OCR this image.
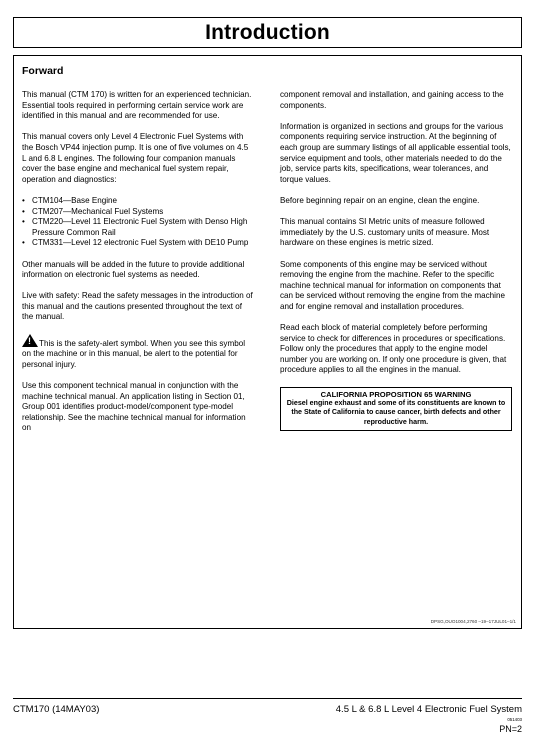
Introduction
Forward

This manual (CTM 170) is written for an experienced technician. Essential tools required in performing certain service work are identified in this manual and are recommended for use.

This manual covers only Level 4 Electronic Fuel Systems with the Bosch VP44 injection pump. It is one of five volumes on 4.5 L and 6.8 L engines. The following four companion manuals cover the base engine and mechanical fuel system repair, operation and diagnostics:

• CTM104—Base Engine
• CTM207—Mechanical Fuel Systems
• CTM220—Level 11 Electronic Fuel System with Denso High Pressure Common Rail
• CTM331—Level 12 electronic Fuel System with DE10 Pump

Other manuals will be added in the future to provide additional information on electronic fuel systems as needed.

Live with safety: Read the safety messages in the introduction of this manual and the cautions presented throughout the text of the manual.

!This is the safety-alert symbol. When you see this symbol on the machine or in this manual, be alert to the potential for personal injury.

Use this component technical manual in conjunction with the machine technical manual. An application listing in Section 01, Group 001 identifies product-model/component type-model relationship. See the machine technical manual for information on

component removal and installation, and gaining access to the components.

Information is organized in sections and groups for the various components requiring service instruction. At the beginning of each group are summary listings of all applicable essential tools, service equipment and tools, other materials needed to do the job, service parts kits, specifications, wear tolerances, and torque values.

Before beginning repair on an engine, clean the engine.

This manual contains SI Metric units of measure followed immediately by the U.S. customary units of measure. Most hardware on these engines is metric sized.

Some components of this engine may be serviced without removing the engine from the machine. Refer to the specific machine technical manual for information on components that can be serviced without removing the engine from the machine and for engine removal and installation procedures.

Read each block of material completely before performing service to check for differences in procedures or specifications. Follow only the procedures that apply to the engine model number you are working on. If only one procedure is given, that procedure applies to all the engines in the manual.

CALIFORNIA PROPOSITION 65 WARNING
Diesel engine exhaust and some of its constituents are known to the State of California to cause cancer, birth defects and other reproductive harm.
DPSG,OUO1004,2760 –19–17JUL01–1/1
CTM170 (14MAY03)	4.5 L & 6.8 L Level 4 Electronic Fuel System
051403
PN=2
